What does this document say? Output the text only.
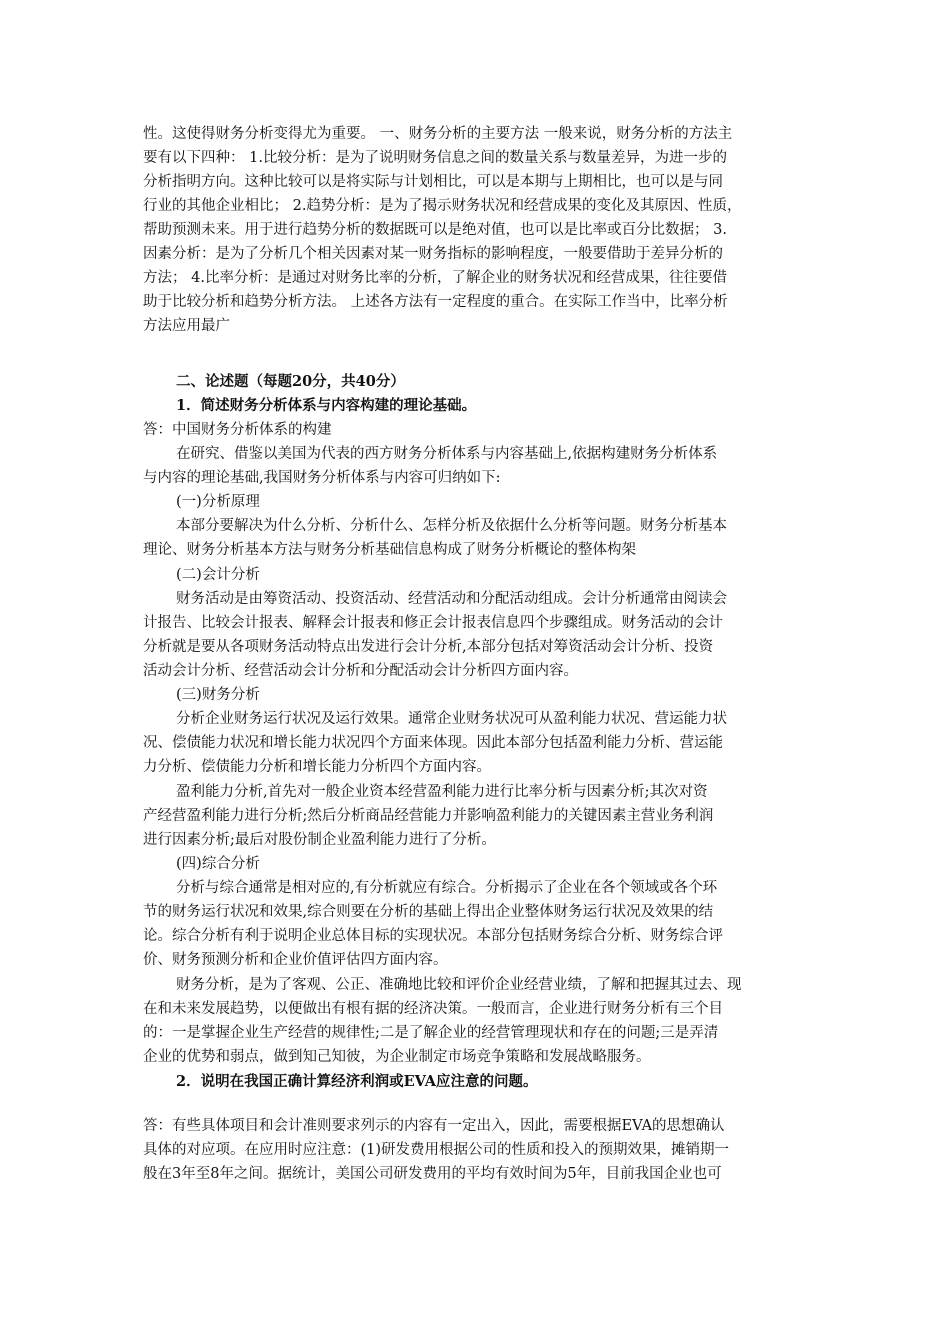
性。这使得财务分析变得尤为重要。 一、财务分析的主要方法 一般来说，财务分析的方法主
要有以下四种： 1.比较分析：是为了说明财务信息之间的数量关系与数量差异，为进一步的
分析指明方向。这种比较可以是将实际与计划相比，可以是本期与上期相比，也可以是与同
行业的其他企业相比； 2.趋势分析：是为了揭示财务状况和经营成果的变化及其原因、性质，
帮助预测未来。用于进行趋势分析的数据既可以是绝对值，也可以是比率或百分比数据； 3.
因素分析：是为了分析几个相关因素对某一财务指标的影响程度，一般要借助于差异分析的
方法； 4.比率分析：是通过对财务比率的分析，了解企业的财务状况和经营成果，往往要借
助于比较分析和趋势分析方法。 上述各方法有一定程度的重合。在实际工作当中，比率分析
方法应用最广
二、论述题（每题20分，共40分）
1．简述财务分析体系与内容构建的理论基础。
答：中国财务分析体系的构建
在研究、借鉴以美国为代表的西方财务分析体系与内容基础上,依据构建财务分析体系
与内容的理论基础,我国财务分析体系与内容可归纳如下:
(一)分析原理
本部分要解决为什么分析、分析什么、怎样分析及依据什么分析等问题。财务分析基本
理论、财务分析基本方法与财务分析基础信息构成了财务分析概论的整体构架
(二)会计分析
财务活动是由筹资活动、投资活动、经营活动和分配活动组成。会计分析通常由阅读会
计报告、比较会计报表、解释会计报表和修正会计报表信息四个步骤组成。财务活动的会计
分析就是要从各项财务活动特点出发进行会计分析,本部分包括对筹资活动会计分析、投资
活动会计分析、经营活动会计分析和分配活动会计分析四方面内容。
(三)财务分析
分析企业财务运行状况及运行效果。通常企业财务状况可从盈利能力状况、营运能力状
况、偿债能力状况和增长能力状况四个方面来体现。因此本部分包括盈利能力分析、营运能
力分析、偿债能力分析和增长能力分析四个方面内容。
盈利能力分析,首先对一般企业资本经营盈利能力进行比率分析与因素分析;其次对资
产经营盈利能力进行分析;然后分析商品经营能力并影响盈利能力的关键因素主营业务利润
进行因素分析;最后对股份制企业盈利能力进行了分析。
(四)综合分析
分析与综合通常是相对应的,有分析就应有综合。分析揭示了企业在各个领域或各个环
节的财务运行状况和效果,综合则要在分析的基础上得出企业整体财务运行状况及效果的结
论。综合分析有利于说明企业总体目标的实现状况。本部分包括财务综合分析、财务综合评
价、财务预测分析和企业价值评估四方面内容。
财务分析，是为了客观、公正、准确地比较和评价企业经营业绩，了解和把握其过去、现
在和未来发展趋势，以便做出有根有据的经济决策。一般而言，企业进行财务分析有三个目
的：一是掌握企业生产经营的规律性;二是了解企业的经营管理现状和存在的问题;三是弄清
企业的优势和弱点，做到知己知彼，为企业制定市场竞争策略和发展战略服务。
2．说明在我国正确计算经济利润或EVA应注意的问题。
答：有些具体项目和会计准则要求列示的内容有一定出入，因此，需要根据EVA的思想确认
具体的对应项。在应用时应注意：(1)研发费用根据公司的性质和投入的预期效果，摊销期一
般在3年至8年之间。据统计，美国公司研发费用的平均有效时间为5年，目前我国企业也可
